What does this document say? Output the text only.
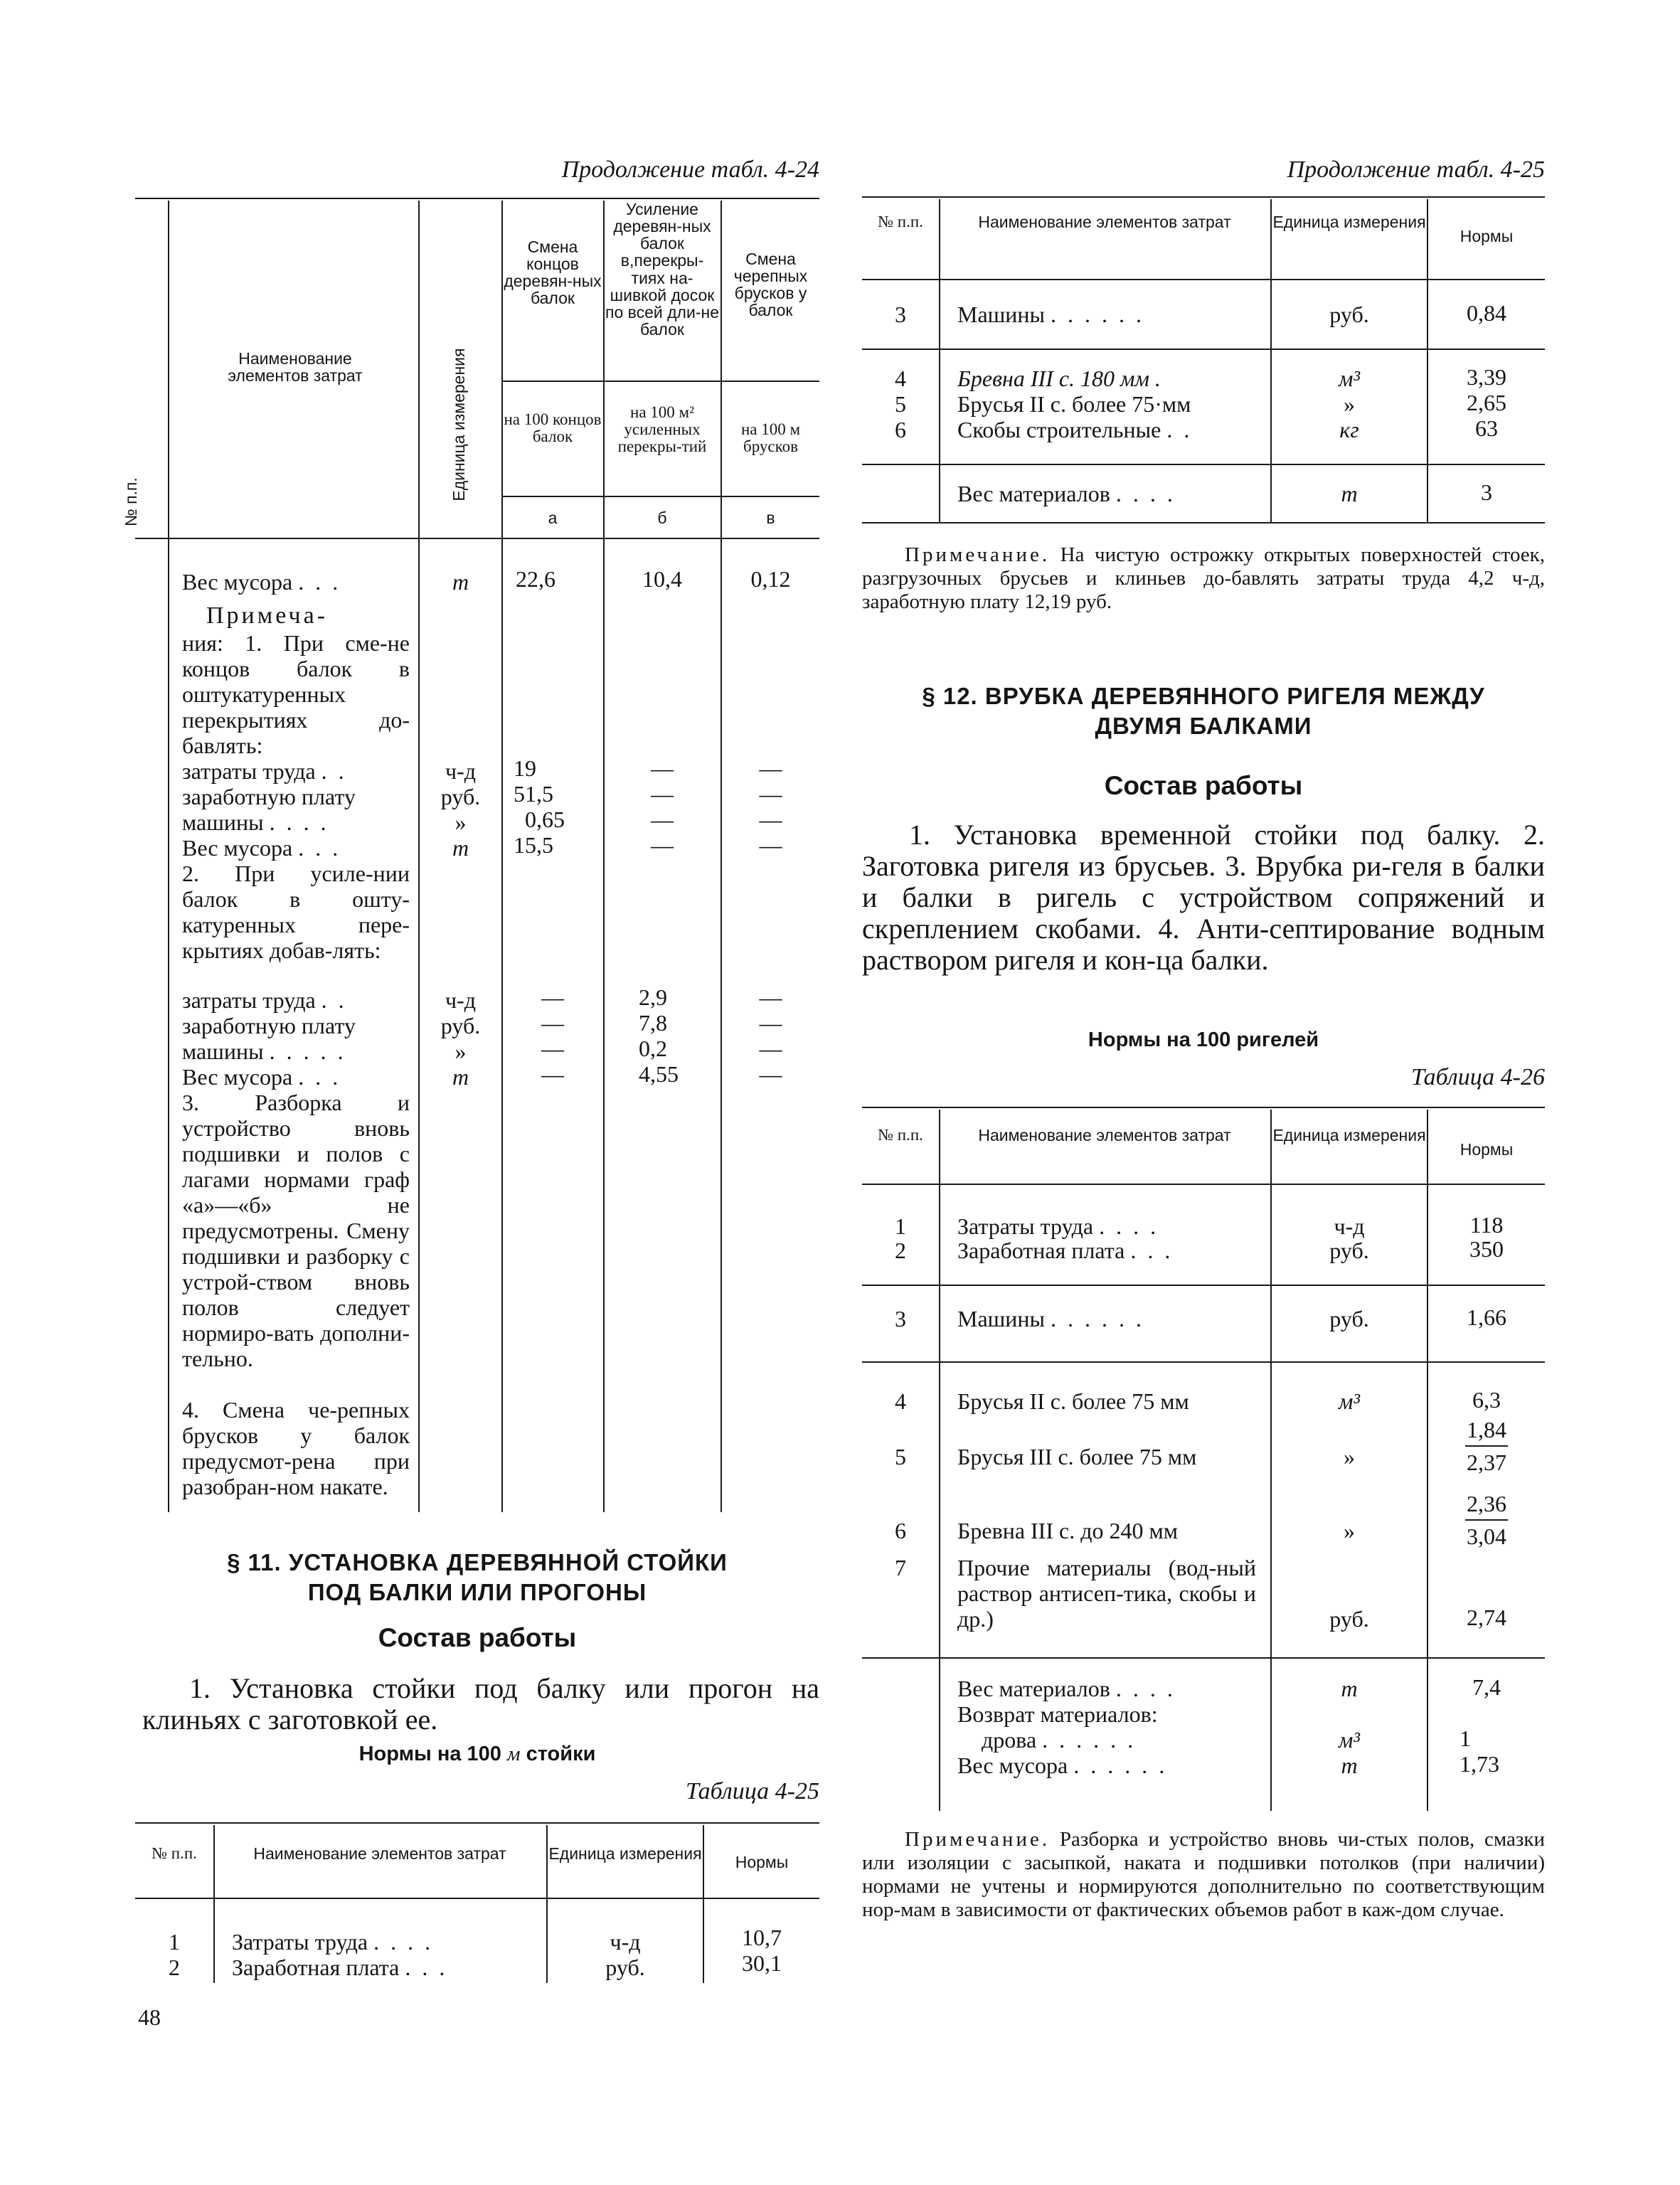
Продолжение табл. 4-24
№ п.п.
Наименование элементов затрат	Единица измерения
Смена концов деревян-ных балок
Усиление деревян-ных балок в,перекры-тиях на-шивкой досок по всей дли-не балок
Смена черепных брусков у балок
на 100 концов балок
на 100 м² усиленных перекры-тий
на 100 м брусков
а	б	в
Вес мусора . . .	т	22,6	10,4	0,12
Примеча-
ния: 1. При сме-не концов балок в оштукатуренных перекрытиях до-бавлять:
затраты труда . .	ч-д	19	—	—
заработную плату	руб.	51,5	—	—
машины . . . .	»	0,65	—	—
Вес мусора . . .	т	15,5	—	—
2. При усиле-нии балок в ошту-катуренных пере-крытиях добав-лять:
затраты труда . .	ч-д	—	2,9	—
заработную плату	руб.	—	7,8	—
машины . . . . .	»	—	0,2	—
Вес мусора . . .	т	—	4,55	—
3. Разборка и устройство вновь подшивки и полов с лагами нормами граф «а»—«б» не предусмотрены. Смену подшивки и разборку с устрой-ством вновь полов следует нормиро-вать дополни-тельно.
4. Смена че-репных брусков у балок предусмот-рена при разобран-ном накате.
§ 11. УСТАНОВКА ДЕРЕВЯННОЙ СТОЙКИ
ПОД БАЛКИ ИЛИ ПРОГОНЫ
Состав работы
1. Установка стойки под балку или прогон на клиньях с заготовкой ее.
Нормы на 100 м стойки
Таблица 4-25
№ п.п.	Наименование элементов затрат	Единица измерения	Нормы
1	Затраты труда . . . .	ч-д	10,7
2	Заработная плата . . .	руб.	30,1
48
Продолжение табл. 4-25
№ п.п.	Наименование элементов затрат	Единица измерения
Нормы
3	Машины . . . . . .	руб.	0,84
4	Бревна III с. 180 мм .	м³	3,39
5	Брусья II с. более 75·мм	»	2,65
6	Скобы строительные . .	кг	63
Вес материалов . . . .	т	3
Примечание. На чистую острожку открытых поверхностей стоек, разгрузочных брусьев и клиньев до-бавлять затраты труда 4,2 ч-д, заработную плату 12,19 руб.
§ 12. ВРУБКА ДЕРЕВЯННОГО РИГЕЛЯ МЕЖДУ
ДВУМЯ БАЛКАМИ
Состав работы
1. Установка временной стойки под балку. 2. Заготовка ригеля из брусьев. 3. Врубка ри-геля в балки и балки в ригель с устройством сопряжений и скреплением скобами. 4. Анти-септирование водным раствором ригеля и кон-ца балки.
Нормы на 100 ригелей
Таблица 4-26
№ п.п.	Наименование элементов затрат	Единица измерения
Нормы
1	Затраты труда . . . .	ч-д	118
2	Заработная плата . . .	руб.	350
3	Машины . . . . . .	руб.	1,66
4	Брусья II с. более 75 мм	м³	6,3
5	Брусья III с. более 75 мм	»	$\frac{1,84}{2,37}$
6	Бревна III с. до 240 мм	»	$\frac{2,36}{3,04}$
7	Прочие материалы (вод-ный раствор антисеп-тика, скобы и др.)	руб.	2,74
Вес материалов . . . .	т	7,4
Возврат материалов:
дрова . . . . . .	м³	1
Вес мусора . . . . . .	т	1,73
Примечание. Разборка и устройство вновь чи-стых полов, смазки или изоляции с засыпкой, наката и подшивки потолков (при наличии) нормами не учтены и нормируются дополнительно по соответствующим нор-мам в зависимости от фактических объемов работ в каж-дом случае.
